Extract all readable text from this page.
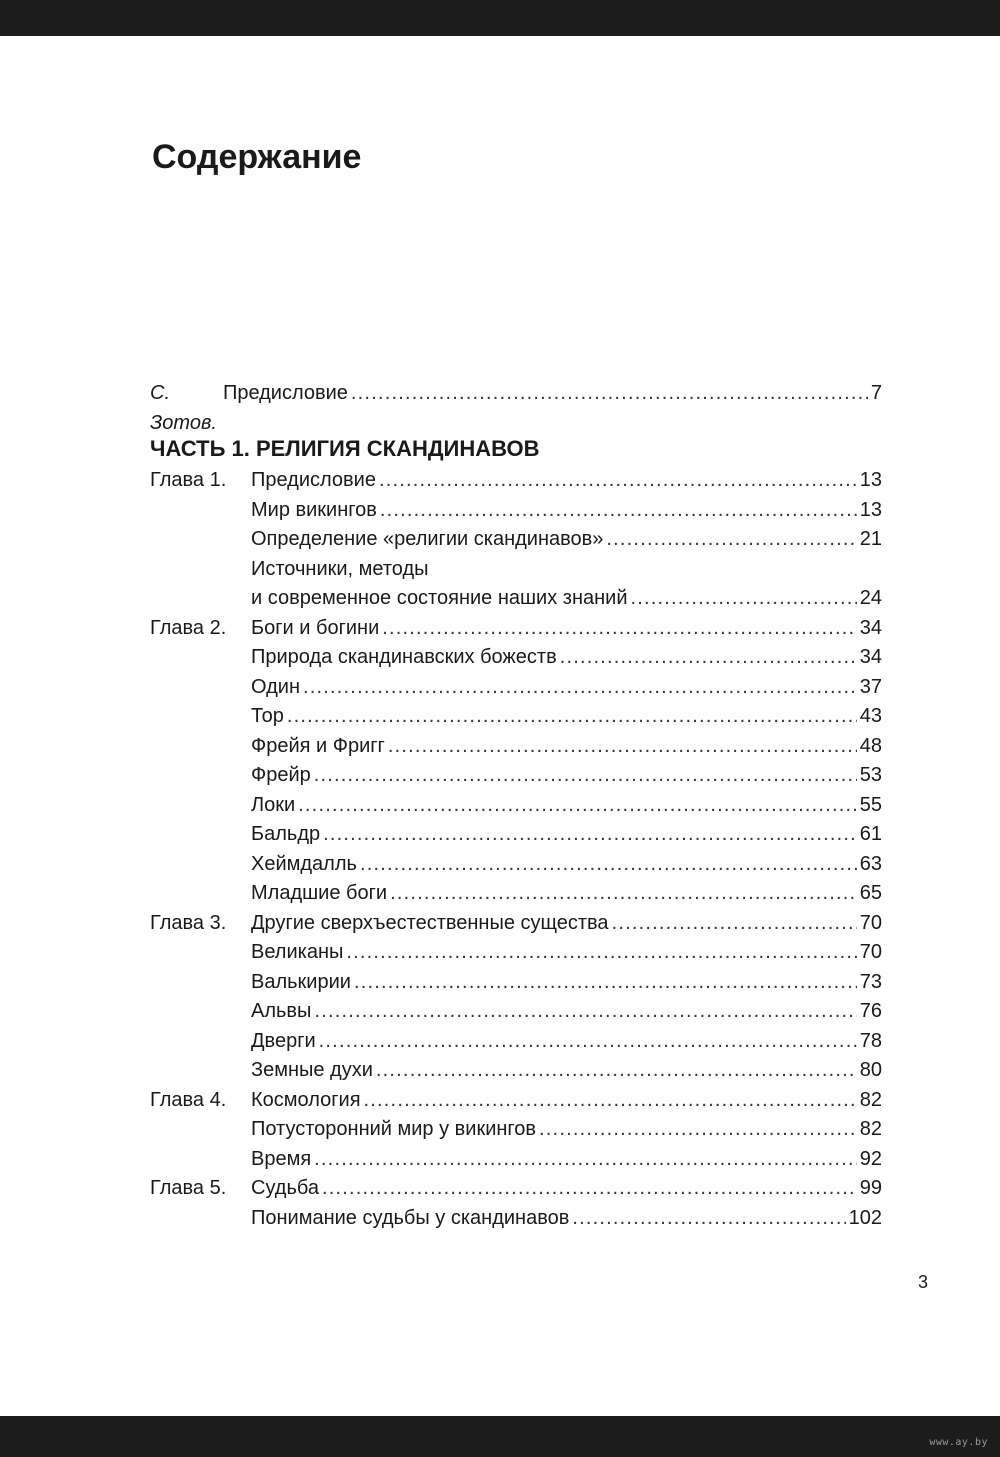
Содержание
С. Зотов.
Предисловие .....	7
ЧАСТЬ 1. РЕЛИГИЯ СКАНДИНАВОВ
Глава 1.	Предисловие .....	13
Мир викингов .....	13
Определение «религии скандинавов» .....	21
Источники, методы
и современное состояние наших знаний .....	24
Глава 2.	Боги и богини .....	34
Природа скандинавских божеств .....	34
Один .....	37
Тор .....	43
Фрейя и Фригг .....	48
Фрейр .....	53
Локи .....	55
Бальдр .....	61
Хеймдалль .....	63
Младшие боги .....	65
Глава 3.	Другие сверхъестественные существа .....	70
Великаны .....	70
Валькирии .....	73
Альвы .....	76
Дверги .....	78
Земные духи .....	80
Глава 4.	Космология .....	82
Потусторонний мир у викингов .....	82
Время .....	92
Глава 5.	Судьба .....	99
Понимание судьбы у скандинавов .....	102
3
www.ay.by
